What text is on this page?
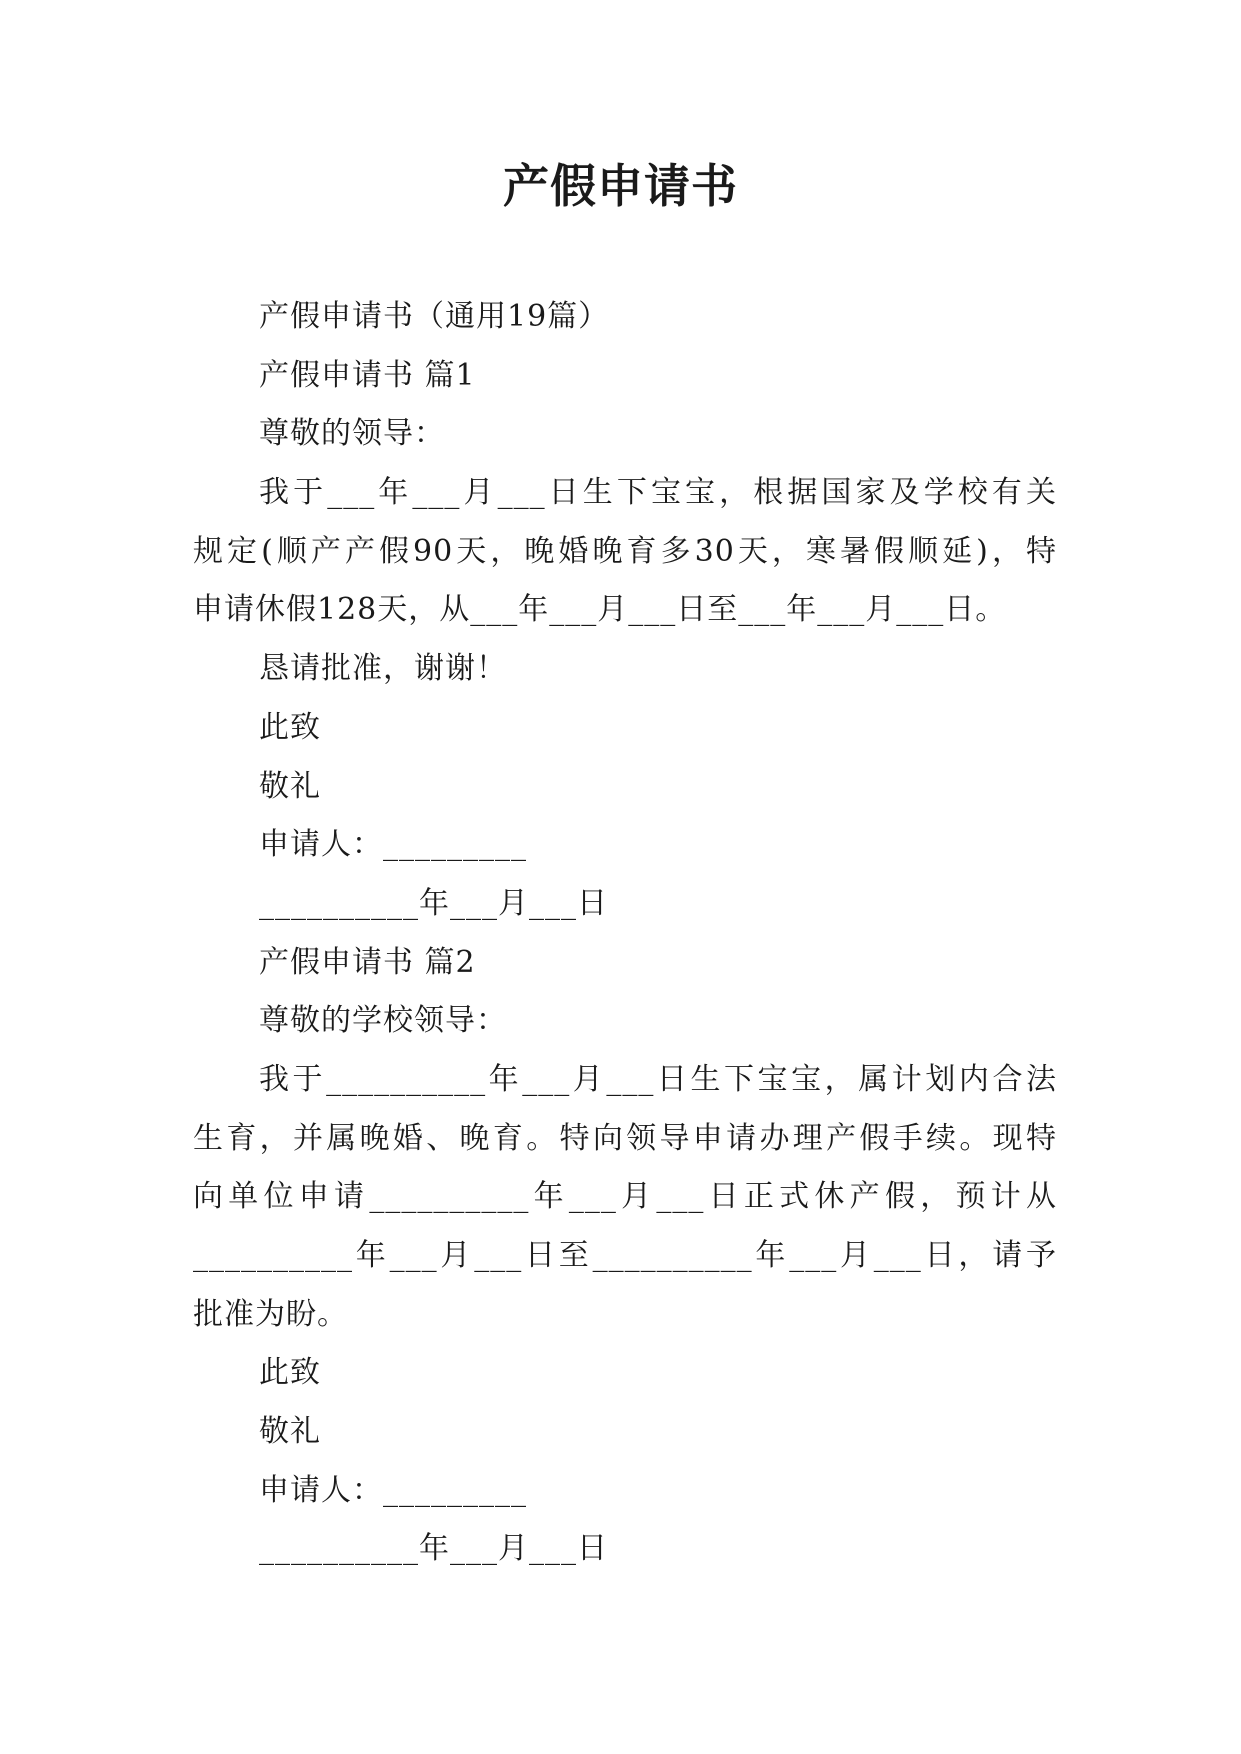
产假申请书
产假申请书（通用19篇）
产假申请书 篇1
尊敬的领导：
我于___年___月___日生下宝宝，根据国家及学校有关
规定(顺产产假90天，晚婚晚育多30天，寒暑假顺延)，特
申请休假128天，从___年___月___日至___年___月___日。
恳请批准，谢谢！
此致
敬礼
申请人：_________
__________年___月___日
产假申请书 篇2
尊敬的学校领导：
我于__________年___月___日生下宝宝，属计划内合法
生育，并属晚婚、晚育。特向领导申请办理产假手续。现特
向单位申请__________年___月___日正式休产假，预计从
__________年___月___日至__________年___月___日，请予
批准为盼。
此致
敬礼
申请人：_________
__________年___月___日
